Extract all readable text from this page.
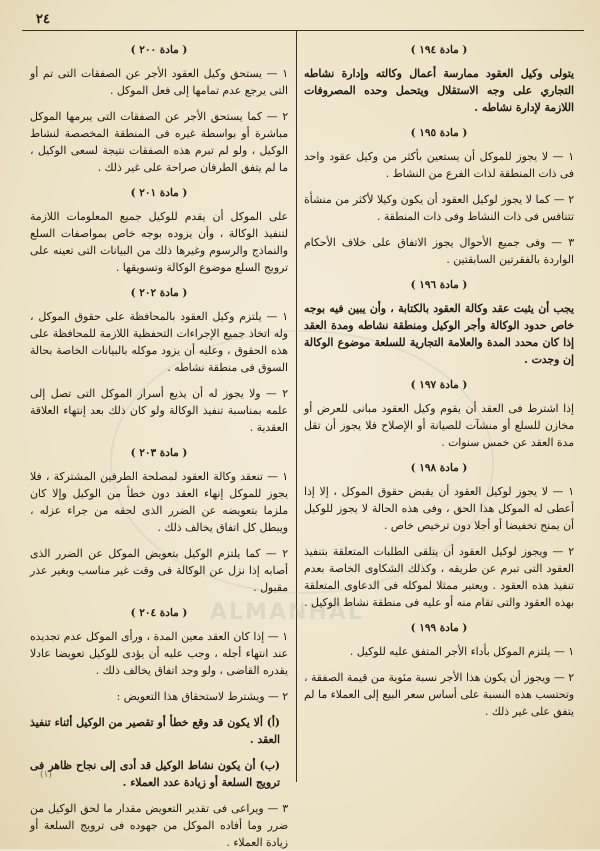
٢٤
ALMANHAL
( مادة ١٩٤ )

يتولى وكيل العقود ممارسة أعمال وكالته وإدارة نشاطه التجاري على وجه الاستقلال ويتحمل وحده المصروفات اللازمة لإدارة نشاطه .

( مادة ١٩٥ )

١ — لا يجوز للموكل أن يستعين بأكثر من وكيل عقود واحد فى ذات المنطقة لذات الفرع من النشاط .

٢ — كما لا يجوز لوكيل العقود أن يكون وكيلا لأكثر من منشأة تتنافس فى ذات النشاط وفى ذات المنطقة .

٣ — وفى جميع الأحوال يجوز الاتفاق على خلاف الأحكام الواردة بالفقرتين السابقتين .

( مادة ١٩٦ )

يجب أن يثبت عقد وكالة العقود بالكتابة ، وأن يبين فيه بوجه خاص حدود الوكالة وأجر الوكيل ومنطقة نشاطه ومدة العقد إذا كان محدد المدة والعلامة التجارية للسلعة موضوع الوكالة إن وجدت .

( مادة ١٩٧ )

إذا اشترط فى العقد أن يقوم وكيل العقود مبانى للعرض أو مخازن للسلع أو منشآت للصيانة أو الإصلاح فلا يجوز أن تقل مدة العقد عن خمس سنوات .

( مادة ١٩٨ )

١ — لا يجوز لوكيل العقود أن يقبض حقوق الموكل ، إلا إذا أعطى له الموكل هذا الحق ، وفى هذه الحالة لا يجوز للوكيل أن يمنح تخفيضا أو أجلا دون ترخيص خاص .

٢ — ويجوز لوكيل العقود أن يتلقى الطلبات المتعلقة بتنفيذ العقود التى تبرم عن طريقه ، وكذلك الشكاوى الخاصة بعدم تنفيذ هذه العقود . ويعتبر ممثلا لموكله فى الدعاوى المتعلقة بهذه العقود والتى تقام منه أو عليه فى منطقة نشاط الوكيل .

( مادة ١٩٩ )

١ — يلتزم الموكل بأداء الأجر المتفق عليه للوكيل .

٢ — ويجوز أن يكون هذا الأجر نسبة مئوية من قيمة الصفقة ، وتحتسب هذه النسبة على أساس سعر البيع إلى العملاء ما لم يتفق على غير ذلك .

( مادة ٢٠٠ )

١ — يستحق وكيل العقود الأجر عن الصفقات التى تم أو التى يرجع عدم تمامها إلى فعل الموكل .

٢ — كما يستحق الأجر عن الصفقات التى يبرمها الموكل مباشرة أو بواسطة غيره فى المنطقة المخصصة لنشاط الوكيل ، ولو لم تبرم هذه الصفقات نتيجة لسعى الوكيل ، ما لم يتفق الطرفان صراحة على غير ذلك .

( مادة ٢٠١ )

على الموكل أن يقدم للوكيل جميع المعلومات اللازمة لتنفيذ الوكالة ، وأن يزوده بوجه خاص بمواصفات السلع والنماذج والرسوم وغيرها ذلك من البيانات التى تعينه على ترويج السلع موضوع الوكالة وتسويقها .

( مادة ٢٠٢ )

١ — يلتزم وكيل العقود بالمحافظة على حقوق الموكل ، وله اتخاذ جميع الإجراءات التحفظية اللازمة للمحافظة على هذه الحقوق ، وعليه أن يزود موكله بالبيانات الخاصة بحالة السوق فى منطقة نشاطه .

٢ — ولا يجوز له أن يذيع أسرار الموكل التى تصل إلى علمه بمناسبة تنفيذ الوكالة ولو كان ذلك بعد إنتهاء العلاقة العقدية .

( مادة ٢٠٣ )

١ — تنعقد وكالة العقود لمصلحة الطرفين المشتركة ، فلا يجوز للموكل إنهاء العقد دون خطأ من الوكيل وإلا كان ملزما بتعويضه عن الضرر الذى لحقه من جراء عزله ، ويبطل كل اتفاق يخالف ذلك .

٢ — كما يلتزم الوكيل بتعويض الموكل عن الضرر الذى أصابه إذا نزل عن الوكالة فى وقت غير مناسب وبغير عذر مقبول .

( مادة ٢٠٤ )

١ — إذا كان العقد معين المدة ، ورأى الموكل عدم تجديده عند انتهاء أجله ، وجب عليه أن يؤدى للوكيل تعويضا عادلا يقدره القاضى ، ولو وجد اتفاق يخالف ذلك .

٢ — ويشترط لاستحقاق هذا التعويض :

(أ) ألا يكون قد وقع خطأ أو تقصير من الوكيل أثناء تنفيذ العقد .

(ب) أن يكون نشاط الوكيل قد أدى إلى نجاح ظاهر فى ترويج السلعة أو زيادة عدد العملاء .

٣ — ويراعى فى تقدير التعويض مقدار ما لحق الوكيل من ضرر وما أفاده الموكل من جهوده فى ترويج السلعة أو زيادة العملاء .

(١)
